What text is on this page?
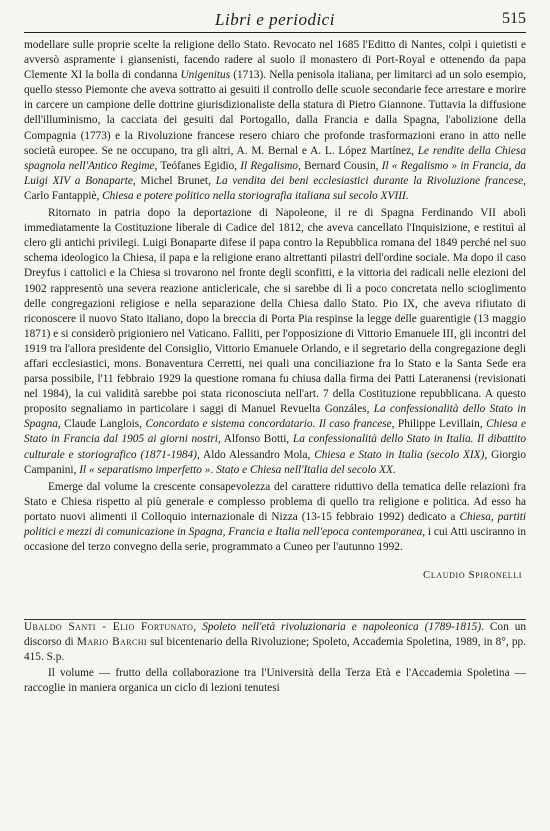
Libri e periodici	515

modellare sulle proprie scelte la religione dello Stato. Revocato nel 1685 l'Editto di Nantes, colpì i quietisti e avversò aspramente i giansenisti, facendo radere al suolo il monastero di Port-Royal e ottenendo da papa Clemente XI la bolla di condanna Unigenitus (1713). Nella penisola italiana, per limitarci ad un solo esempio, quello stesso Piemonte che aveva sottratto ai gesuiti il controllo delle scuole secondarie fece arrestare e morire in carcere un campione delle dottrine giurisdizionaliste della statura di Pietro Giannone. Tuttavia la diffusione dell'illuminismo, la cacciata dei gesuiti dal Portogallo, dalla Francia e dalla Spagna, l'abolizione della Compagnia (1773) e la Rivoluzione francese resero chiaro che profonde trasformazioni erano in atto nelle società europee. Se ne occupano, tra gli altri, A. M. Bernal e A. L. López Martínez, Le rendite della Chiesa spagnola nell'Antico Regime, Teófanes Egidio, Il Regalismo, Bernard Cousin, Il « Regalismo » in Francia, da Luigi XIV a Bonaparte, Michel Brunet, La vendita dei beni ecclesiastici durante la Rivoluzione francese, Carlo Fantappiè, Chiesa e potere politico nella storiografia italiana sul secolo XVIII.

Ritornato in patria dopo la deportazione di Napoleone, il re di Spagna Ferdinando VII abolì immediatamente la Costituzione liberale di Cadice del 1812, che aveva cancellato l'Inquisizione, e restituì al clero gli antichi privilegi. Luigi Bonaparte difese il papa contro la Repubblica romana del 1849 perché nel suo schema ideologico la Chiesa, il papa e la religione erano altrettanti pilastri dell'ordine sociale. Ma dopo il caso Dreyfus i cattolici e la Chiesa si trovarono nel fronte degli sconfitti, e la vittoria dei radicali nelle elezioni del 1902 rappresentò una severa reazione anticlericale, che si sarebbe di lì a poco concretata nello scioglimento delle congregazioni religiose e nella separazione della Chiesa dallo Stato. Pio IX, che aveva rifiutato di riconoscere il nuovo Stato italiano, dopo la breccia di Porta Pia respinse la legge delle guarentigie (13 maggio 1871) e si considerò prigioniero nel Vaticano. Falliti, per l'opposizione di Vittorio Emanuele III, gli incontri del 1919 tra l'allora presidente del Consiglio, Vittorio Emanuele Orlando, e il segretario della congregazione degli affari ecclesiastici, mons. Bonaventura Cerretti, nei quali una conciliazione fra lo Stato e la Santa Sede era parsa possibile, l'11 febbraio 1929 la questione romana fu chiusa dalla firma dei Patti Lateranensi (revisionati nel 1984), la cui validità sarebbe poi stata riconosciuta nell'art. 7 della Costituzione repubblicana. A questo proposito segnaliamo in particolare i saggi di Manuel Revuelta Gonzáles, La confessionalità dello Stato in Spagna, Claude Langlois, Concordato e sistema concordatario. Il caso francese, Philippe Levillain, Chiesa e Stato in Francia dal 1905 ai giorni nostri, Alfonso Botti, La confessionalità dello Stato in Italia. Il dibattito culturale e storiografico (1871-1984), Aldo Alessandro Mola, Chiesa e Stato in Italia (secolo XIX), Giorgio Campanini, Il « separatismo imperfetto ». Stato e Chiesa nell'Italia del secolo XX.

Emerge dal volume la crescente consapevolezza del carattere riduttivo della tematica delle relazioni fra Stato e Chiesa rispetto al più generale e complesso problema di quello tra religione e politica. Ad esso ha portato nuovi alimenti il Colloquio internazionale di Nizza (13-15 febbraio 1992) dedicato a Chiesa, partiti politici e mezzi di comunicazione in Spagna, Francia e Italia nell'epoca contemporanea, i cui Atti usciranno in occasione del terzo convegno della serie, programmato a Cuneo per l'autunno 1992.

Claudio Spironelli

Ubaldo Santi - Elio Fortunato, Spoleto nell'età rivoluzionaria e napoleonica (1789-1815). Con un discorso di Mario Barchi sul bicentenario della Rivoluzione; Spoleto, Accademia Spoletina, 1989, in 8°, pp. 415. S.p.

Il volume — frutto della collaborazione tra l'Università della Terza Età e l'Accademia Spoletina — raccoglie in maniera organica un ciclo di lezioni tenutesi
